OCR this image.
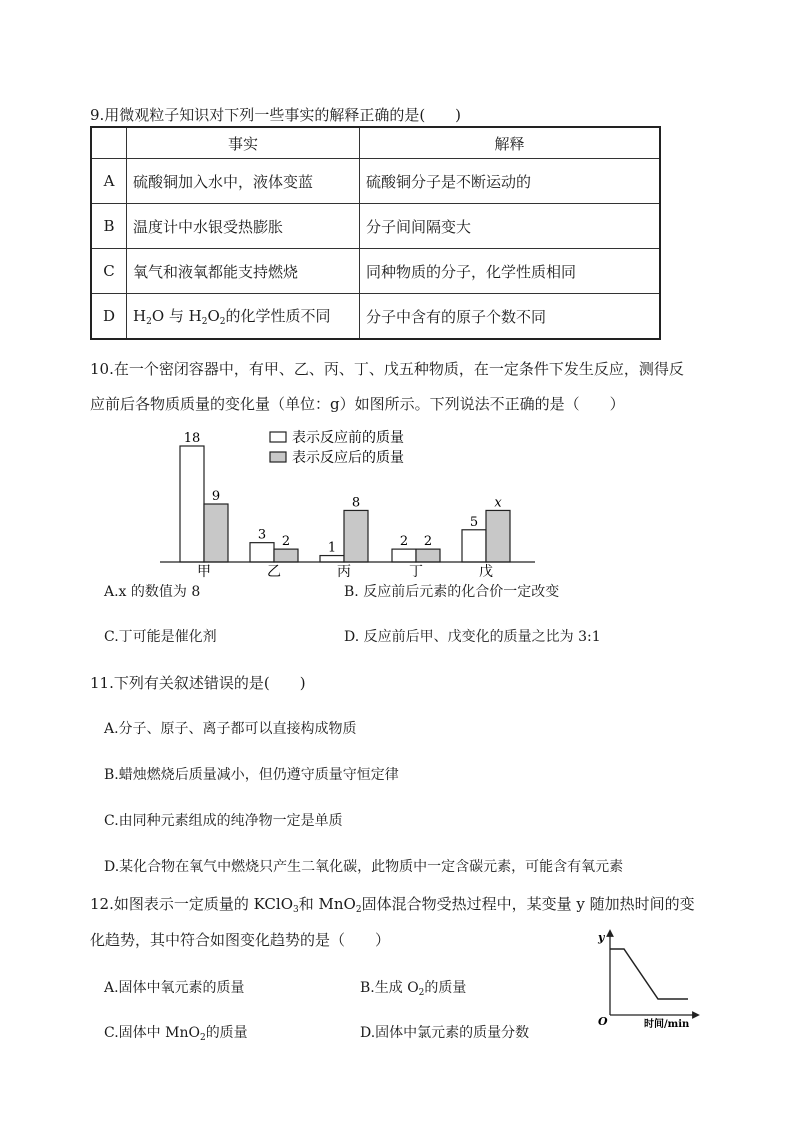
9.用微观粒子知识对下列一些事实的解释正确的是(　　)
	事实	解释
A	硫酸铜加入水中，液体变蓝	硫酸铜分子是不断运动的
B	温度计中水银受热膨胀	分子间间隔变大
C	氧气和液氧都能支持燃烧	同种物质的分子，化学性质相同
D	$H_2O$ 与 $H_2O_2$的化学性质不同	分子中含有的原子个数不同
10.在一个密闭容器中，有甲、乙、丙、丁、戊五种物质，在一定条件下发生反应，测得反
应前后各物质质量的变化量（单位：g）如图所示。下列说法不正确的是（　　）
表示反应前的质量
表示反应后的质量
18
9
甲
3 2
乙
1
8
丙
2 2
丁
5
x
戊
A.x 的数值为 8	B. 反应前后元素的化合价一定改变
C.丁可能是催化剂	D. 反应前后甲、戊变化的质量之比为 3:1
11.下列有关叙述错误的是(　　)
A.分子、原子、离子都可以直接构成物质
B.蜡烛燃烧后质量减小，但仍遵守质量守恒定律
C.由同种元素组成的纯净物一定是单质
D.某化合物在氧气中燃烧只产生二氧化碳，此物质中一定含碳元素，可能含有氧元素
12.如图表示一定质量的 KClO$_3$和 MnO$_2$固体混合物受热过程中，某变量 y 随加热时间的变
化趋势，其中符合如图变化趋势的是（　　）
A.固体中氧元素的质量	B.生成 $O_2$的质量
C.固体中 MnO$_2$的质量	D.固体中氯元素的质量分数
y
O	时间/min
